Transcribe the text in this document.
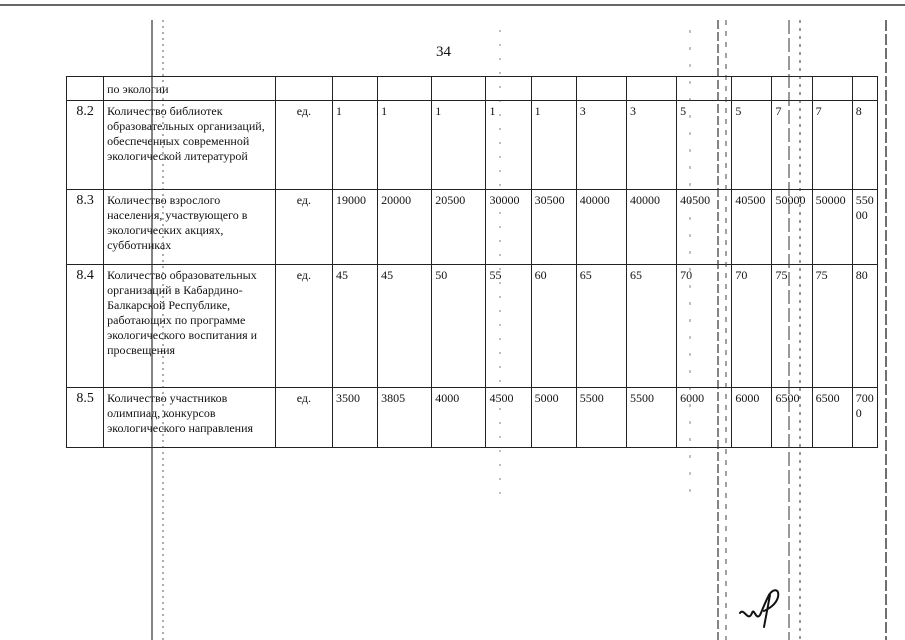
34
	по экологии													
8.2	Количество библиотек образовательных организаций, обеспеченных современной экологической литературой	ед.	1	1	1	1	1	3	3	5	5	7	7	8
8.3	Количество взрослого населения, участвующего в экологических акциях, субботниках	ед.	19000	20000	20500	30000	30500	40000	40000	40500	40500	50000	50000	55000
8.4	Количество образовательных организаций в Кабардино-Балкарской Республике, работающих по программе экологического воспитания и просвещения	ед.	45	45	50	55	60	65	65	70	70	75	75	80
8.5	Количество участников олимпиад, конкурсов экологического направления	ед.	3500	3805	4000	4500	5000	5500	5500	6000	6000	6500	6500	7000
